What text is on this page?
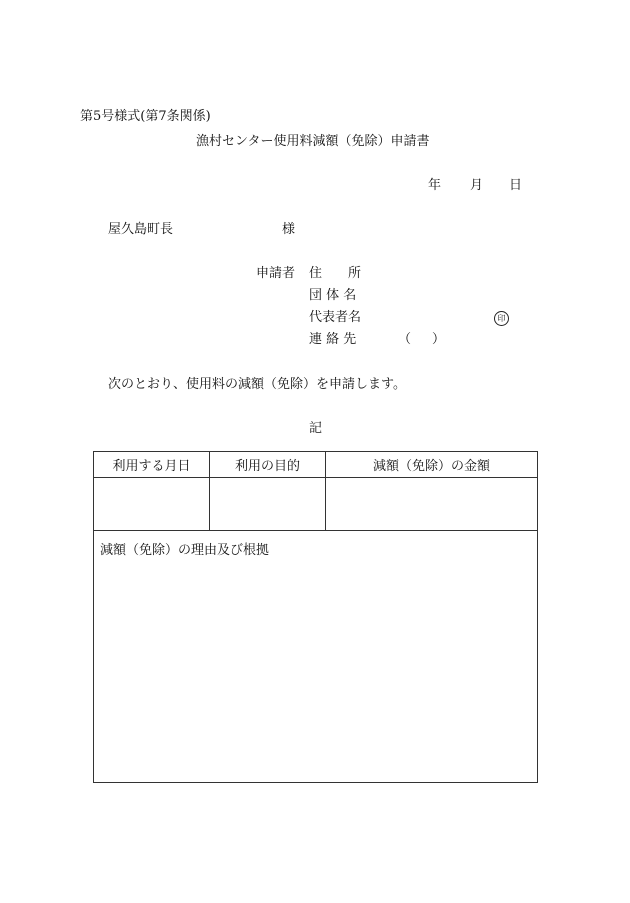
第5号様式(第7条関係)
漁村センター使用料減額（免除）申請書
年 月 日
屋久島町長	様
申請者 住　　所
団 体 名
代表者名	印
連 絡 先	（ ）
次のとおり、使用料の減額（免除）を申請します。
記
利用する月日	利用の目的	減額（免除）の金額

減額（免除）の理由及び根拠		
